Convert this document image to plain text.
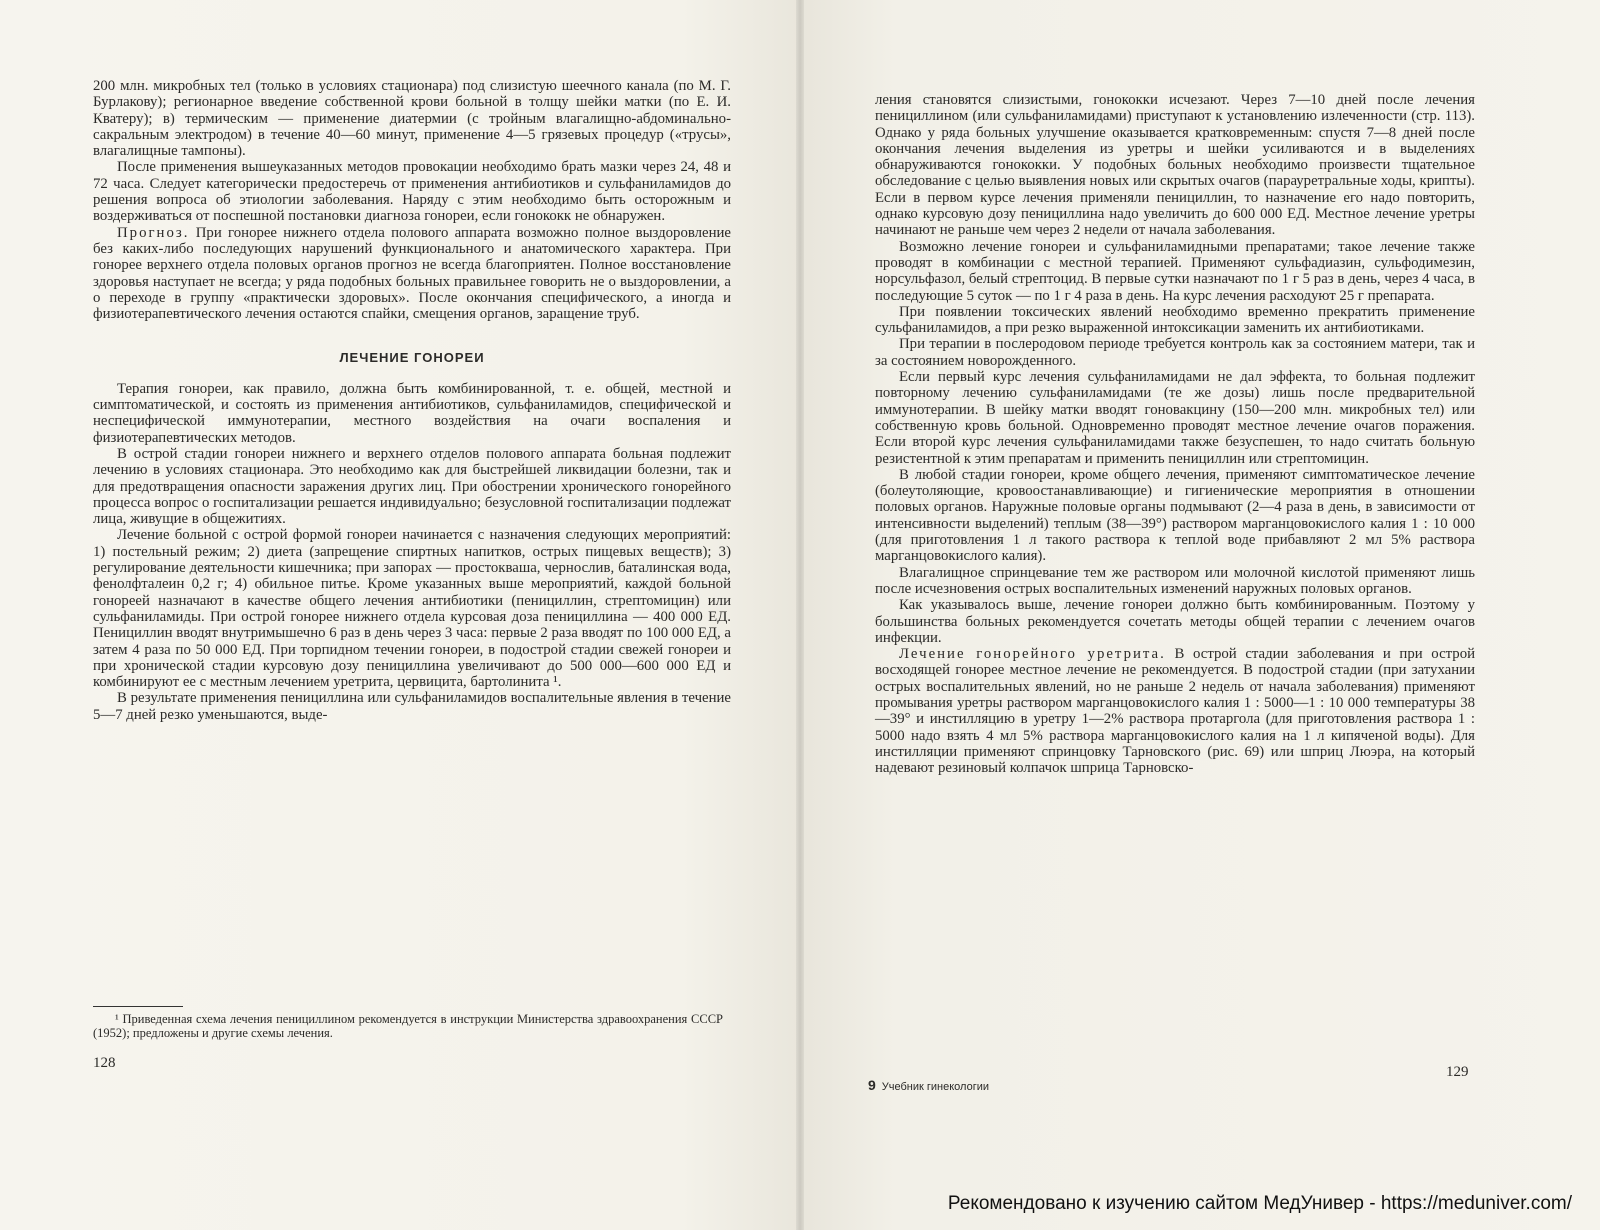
200 млн. микробных тел (только в условиях стационара) под слизистую шеечного канала (по М. Г. Бурлакову); регионарное введение собственной крови больной в толщу шейки матки (по Е. И. Кватеру); в) термическим — применение диатермии (с тройным влагалищно-абдоминально-сакральным электродом) в течение 40—60 минут, применение 4—5 грязевых процедур («трусы», влагалищные тампоны).

После применения вышеуказанных методов провокации необходимо брать мазки через 24, 48 и 72 часа. Следует категорически предостеречь от применения антибиотиков и сульфаниламидов до решения вопроса об этиологии заболевания. Наряду с этим необходимо быть осторожным и воздерживаться от поспешной постановки диагноза гонореи, если гонококк не обнаружен.

Прогноз. При гонорее нижнего отдела полового аппарата возможно полное выздоровление без каких-либо последующих нарушений функционального и анатомического характера. При гонорее верхнего отдела половых органов прогноз не всегда благоприятен. Полное восстановление здоровья наступает не всегда; у ряда подобных больных правильнее говорить не о выздоровлении, а о переходе в группу «практически здоровых». После окончания специфического, а иногда и физиотерапевтического лечения остаются спайки, смещения органов, заращение труб.

ЛЕЧЕНИЕ ГОНОРЕИ

Терапия гонореи, как правило, должна быть комбинированной, т. е. общей, местной и симптоматической, и состоять из применения антибиотиков, сульфаниламидов, специфической и неспецифической иммунотерапии, местного воздействия на очаги воспаления и физиотерапевтических методов.

В острой стадии гонореи нижнего и верхнего отделов полового аппарата больная подлежит лечению в условиях стационара. Это необходимо как для быстрейшей ликвидации болезни, так и для предотвращения опасности заражения других лиц. При обострении хронического гонорейного процесса вопрос о госпитализации решается индивидуально; безусловной госпитализации подлежат лица, живущие в общежитиях.

Лечение больной с острой формой гонореи начинается с назначения следующих мероприятий: 1) постельный режим; 2) диета (запрещение спиртных напитков, острых пищевых веществ); 3) регулирование деятельности кишечника; при запорах — простокваша, чернослив, баталинская вода, фенолфталеин 0,2 г; 4) обильное питье. Кроме указанных выше мероприятий, каждой больной гонореей назначают в качестве общего лечения антибиотики (пенициллин, стрептомицин) или сульфаниламиды. При острой гонорее нижнего отдела курсовая доза пенициллина — 400 000 ЕД. Пенициллин вводят внутримышечно 6 раз в день через 3 часа: первые 2 раза вводят по 100 000 ЕД, а затем 4 раза по 50 000 ЕД. При торпидном течении гонореи, в подострой стадии свежей гонореи и при хронической стадии курсовую дозу пенициллина увеличивают до 500 000—600 000 ЕД и комбинируют ее с местным лечением уретрита, цервицита, бартолинита ¹.

В результате применения пенициллина или сульфаниламидов воспалительные явления в течение 5—7 дней резко уменьшаются, выде-

¹ Приведенная схема лечения пенициллином рекомендуется в инструкции Министерства здравоохранения СССР (1952); предложены и другие схемы лечения.
128

ления становятся слизистыми, гонококки исчезают. Через 7—10 дней после лечения пенициллином (или сульфаниламидами) приступают к установлению излеченности (стр. 113). Однако у ряда больных улучшение оказывается кратковременным: спустя 7—8 дней после окончания лечения выделения из уретры и шейки усиливаются и в выделениях обнаруживаются гонококки. У подобных больных необходимо произвести тщательное обследование с целью выявления новых или скрытых очагов (парауретральные ходы, крипты). Если в первом курсе лечения применяли пенициллин, то назначение его надо повторить, однако курсовую дозу пенициллина надо увеличить до 600 000 ЕД. Местное лечение уретры начинают не раньше чем через 2 недели от начала заболевания.

Возможно лечение гонореи и сульфаниламидными препаратами; такое лечение также проводят в комбинации с местной терапией. Применяют сульфадиазин, сульфодимезин, норсульфазол, белый стрептоцид. В первые сутки назначают по 1 г 5 раз в день, через 4 часа, в последующие 5 суток — по 1 г 4 раза в день. На курс лечения расходуют 25 г препарата.

При появлении токсических явлений необходимо временно прекратить применение сульфаниламидов, а при резко выраженной интоксикации заменить их антибиотиками.

При терапии в послеродовом периоде требуется контроль как за состоянием матери, так и за состоянием новорожденного.

Если первый курс лечения сульфаниламидами не дал эффекта, то больная подлежит повторному лечению сульфаниламидами (те же дозы) лишь после предварительной иммунотерапии. В шейку матки вводят гоновакцину (150—200 млн. микробных тел) или собственную кровь больной. Одновременно проводят местное лечение очагов поражения. Если второй курс лечения сульфаниламидами также безуспешен, то надо считать больную резистентной к этим препаратам и применить пенициллин или стрептомицин.

В любой стадии гонореи, кроме общего лечения, применяют симптоматическое лечение (болеутоляющие, кровоостанавливающие) и гигиенические мероприятия в отношении половых органов. Наружные половые органы подмывают (2—4 раза в день, в зависимости от интенсивности выделений) теплым (38—39°) раствором марганцовокислого калия 1 : 10 000 (для приготовления 1 л такого раствора к теплой воде прибавляют 2 мл 5% раствора марганцовокислого калия).

Влагалищное спринцевание тем же раствором или молочной кислотой применяют лишь после исчезновения острых воспалительных изменений наружных половых органов.

Как указывалось выше, лечение гонореи должно быть комбинированным. Поэтому у большинства больных рекомендуется сочетать методы общей терапии с лечением очагов инфекции.

Лечение гонорейного уретрита. В острой стадии заболевания и при острой восходящей гонорее местное лечение не рекомендуется. В подострой стадии (при затухании острых воспалительных явлений, но не раньше 2 недель от начала заболевания) применяют промывания уретры раствором марганцовокислого калия 1 : 5000—1 : 10 000 температуры 38—39° и инстилляцию в уретру 1—2% раствора протаргола (для приготовления раствора 1 : 5000 надо взять 4 мл 5% раствора марганцовокислого калия на 1 л кипяченой воды). Для инстилляции применяют спринцовку Тарновского (рис. 69) или шприц Люэра, на который надевают резиновый колпачок шприца Тарновско-

9 Учебник гинекологии
129
Рекомендовано к изучению сайтом МедУнивер - https://meduniver.com/
